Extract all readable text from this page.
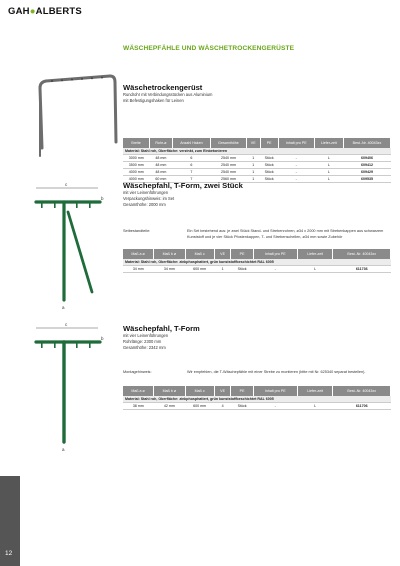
GAH●ALBERTS
WÄSCHEPFÄHLE UND WÄSCHETROCKENGERÜSTE
Wäschetrockengerüst
Rundrohr mit Verbindungsstücken aus Aluminium
mit Befestigungshaken für Leinen
Breite	Rohr-ø	Anzahl Haken	Gesamthöhe	VE	PE	Inhalt pro PE	Liefer-zeit	Best.-Nr. 40043xx
Material: Stahl roh, Oberfläche: verzinkt, zum Einbetonieren								
3000 mm	48 mm	6	2540 mm	1	Stück	-	L	609406
3500 mm	48 mm	6	2540 mm	1	Stück	-	L	609412
4000 mm	48 mm	7	2540 mm	1	Stück	-	L	609429
4000 mm	60 mm	7	2560 mm	1	Stück	-	L	609535
c
b
a
Wäschepfahl, T-Form, zwei Stück
mit vier Leinenführungen
Verpackungshinweis: im Set
Gesamthöhe: 2000 mm
Setbestandteile:	Ein Set bestehend aus: je zwei Stück Stand- und Strebenrohren, ø34 x 2000 mm mit Strebenkappen aus schwarzem Kunststoff und je vier Stück Pfostenkappen, T- und Strebenschellen, ø34 mm sowie Zubehör
Maß a ø	Maß b ø	Maß c	VE	PE	Inhalt pro PE	Liefer-zeit	Best.-Nr. 40043xx
Material: Stahl roh, Oberfläche: zinkphosphatiert, grün kunststoffbeschichtet RAL 6005							
34 mm	34 mm	600 mm	1	Stück	-	L	611736
c
b
a
Wäschepfahl, T-Form
mit vier Leinenführungen
Rohrlänge: 2300 mm
Gesamthöhe: 2342 mm
Montagehinweis:	Wir empfehlen, die T-Wäschepfähle mit einer Strebe zu montieren (bitte mit Nr. 625340 separat bestellen).
Maß a ø	Maß b ø	Maß c	VE	PE	Inhalt pro PE	Liefer-zeit	Best.-Nr. 40043xx
Material: Stahl roh, Oberfläche: zinkphosphatiert, grün kunststoffbeschichtet RAL 6005							
38 mm	42 mm	600 mm	4	Stück	-	L	611706
12
